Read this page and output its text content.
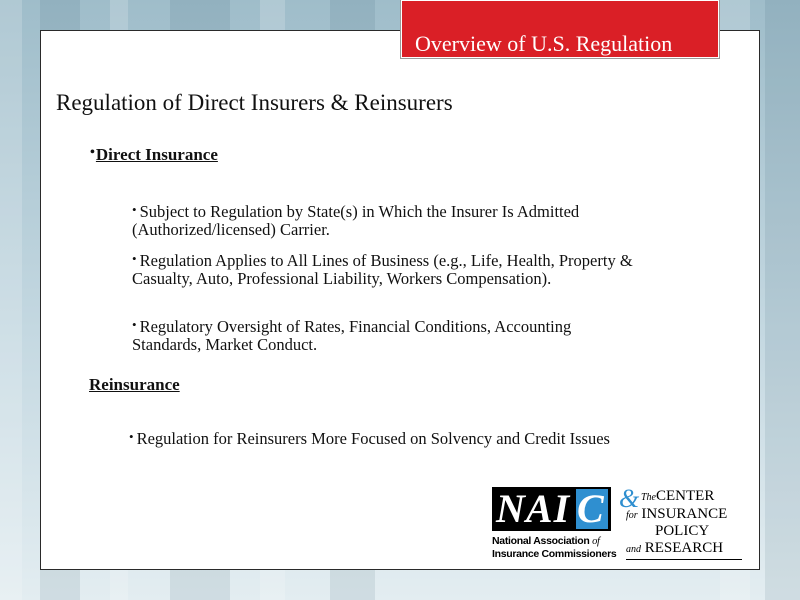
Regulation of Direct Insurers & Reinsurers
•Direct Insurance
• Subject to Regulation by State(s) in Which the Insurer Is Admitted (Authorized/licensed) Carrier.
• Regulation Applies to All Lines of Business (e.g., Life, Health, Property & Casualty, Auto, Professional Liability, Workers Compensation).
• Regulatory Oversight of Rates, Financial Conditions, Accounting Standards, Market Conduct.
Reinsurance
• Regulation for Reinsurers More Focused on Solvency and Credit Issues
Overview of U.S. Regulation
NAI C
National Association of
Insurance Commissioners
& TheCENTER
for INSURANCE
POLICY
and RESEARCH
